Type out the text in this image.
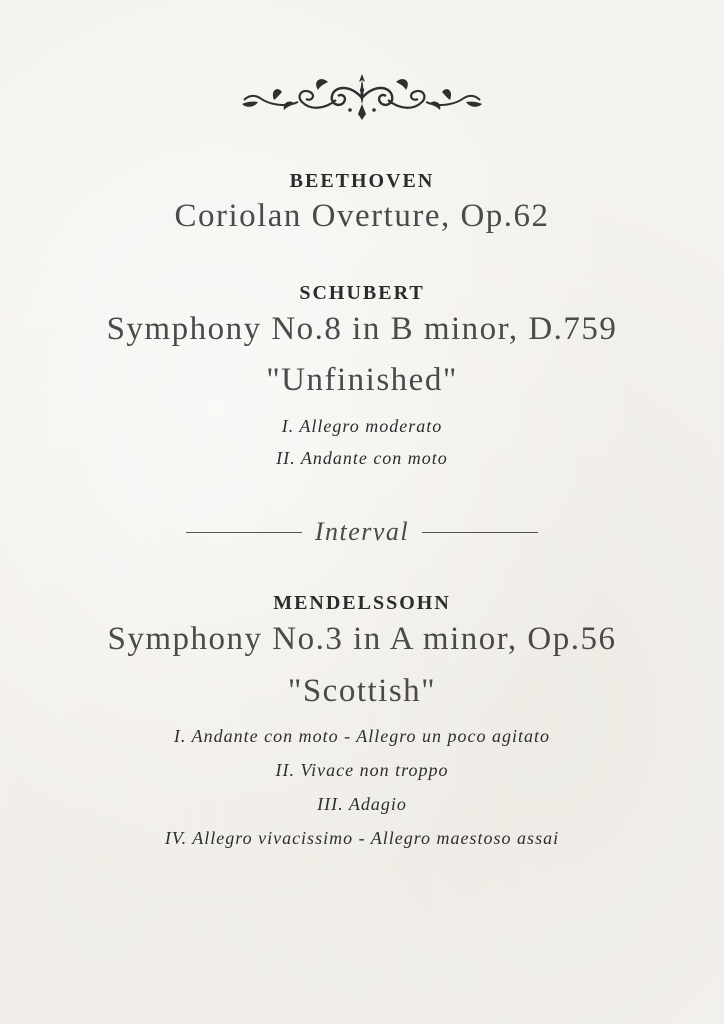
BEETHOVEN
Coriolan Overture, Op.62
SCHUBERT
Symphony No.8 in B minor, D.759
"Unfinished"
I. Allegro moderato
II. Andante con moto
Interval
MENDELSSOHN
Symphony No.3 in A minor, Op.56
"Scottish"
I. Andante con moto - Allegro un poco agitato
II. Vivace non troppo
III. Adagio
IV. Allegro vivacissimo - Allegro maestoso assai
